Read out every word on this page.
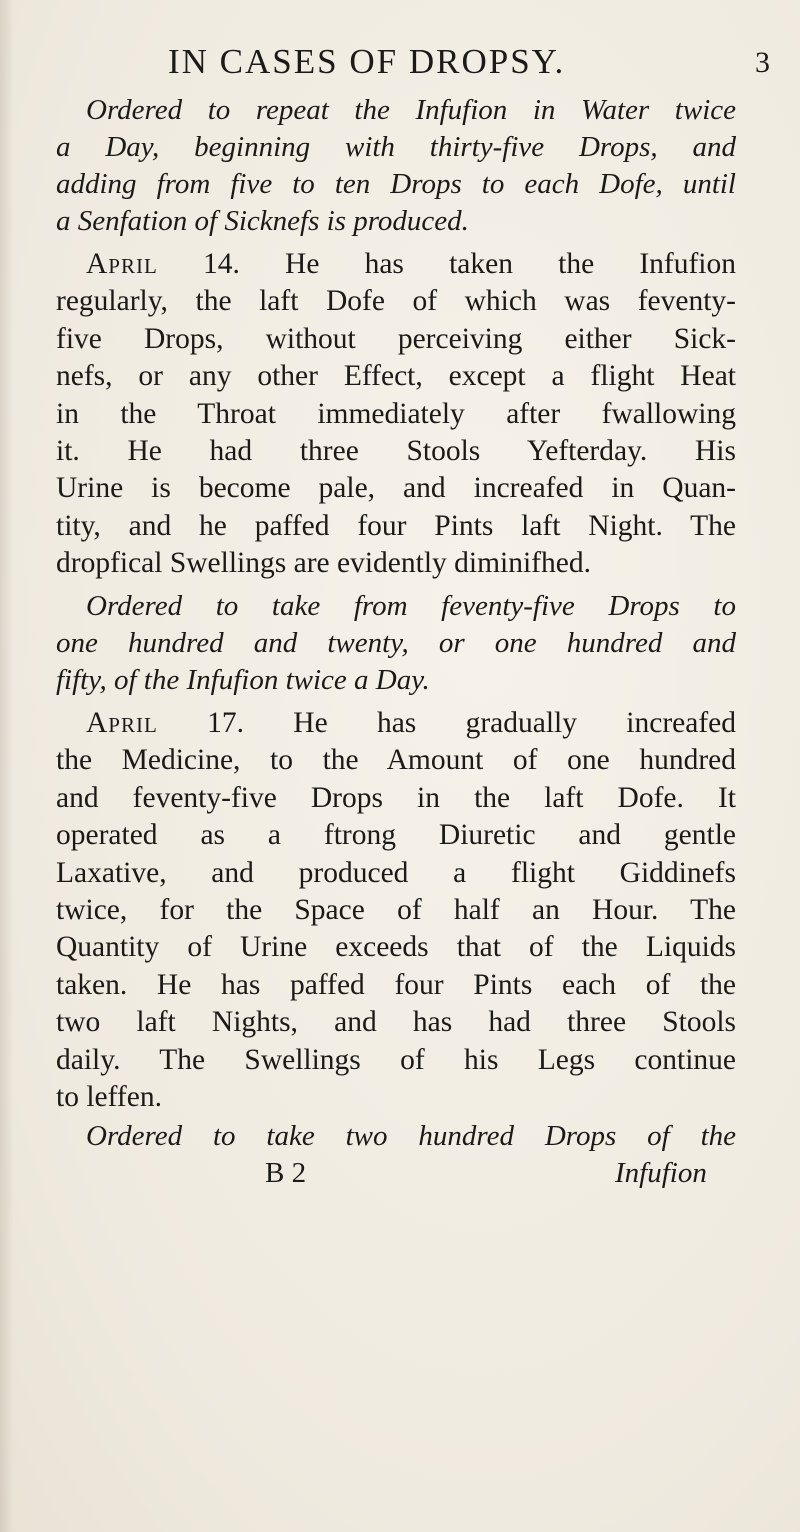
IN CASES OF DROPSY.	3
Ordered to repeat the Infufion in Water twice
a Day, beginning with thirty-five Drops, and
adding from five to ten Drops to each Dofe, until
a Senfation of Sicknefs is produced.
April 14. He has taken the Infufion
regularly, the laft Dofe of which was feventy-
five Drops, without perceiving either Sick-
nefs, or any other Effect, except a flight Heat
in the Throat immediately after fwallowing
it. He had three Stools Yefterday. His
Urine is become pale, and increafed in Quan-
tity, and he paffed four Pints laft Night. The
dropfical Swellings are evidently diminifhed.
Ordered to take from feventy-five Drops to
one hundred and twenty, or one hundred and
fifty, of the Infufion twice a Day.
April 17. He has gradually increafed
the Medicine, to the Amount of one hundred
and feventy-five Drops in the laft Dofe. It
operated as a ftrong Diuretic and gentle
Laxative, and produced a flight Giddinefs
twice, for the Space of half an Hour. The
Quantity of Urine exceeds that of the Liquids
taken. He has paffed four Pints each of the
two laft Nights, and has had three Stools
daily. The Swellings of his Legs continue
to leffen.
Ordered to take two hundred Drops of the
B 2	Infufion
